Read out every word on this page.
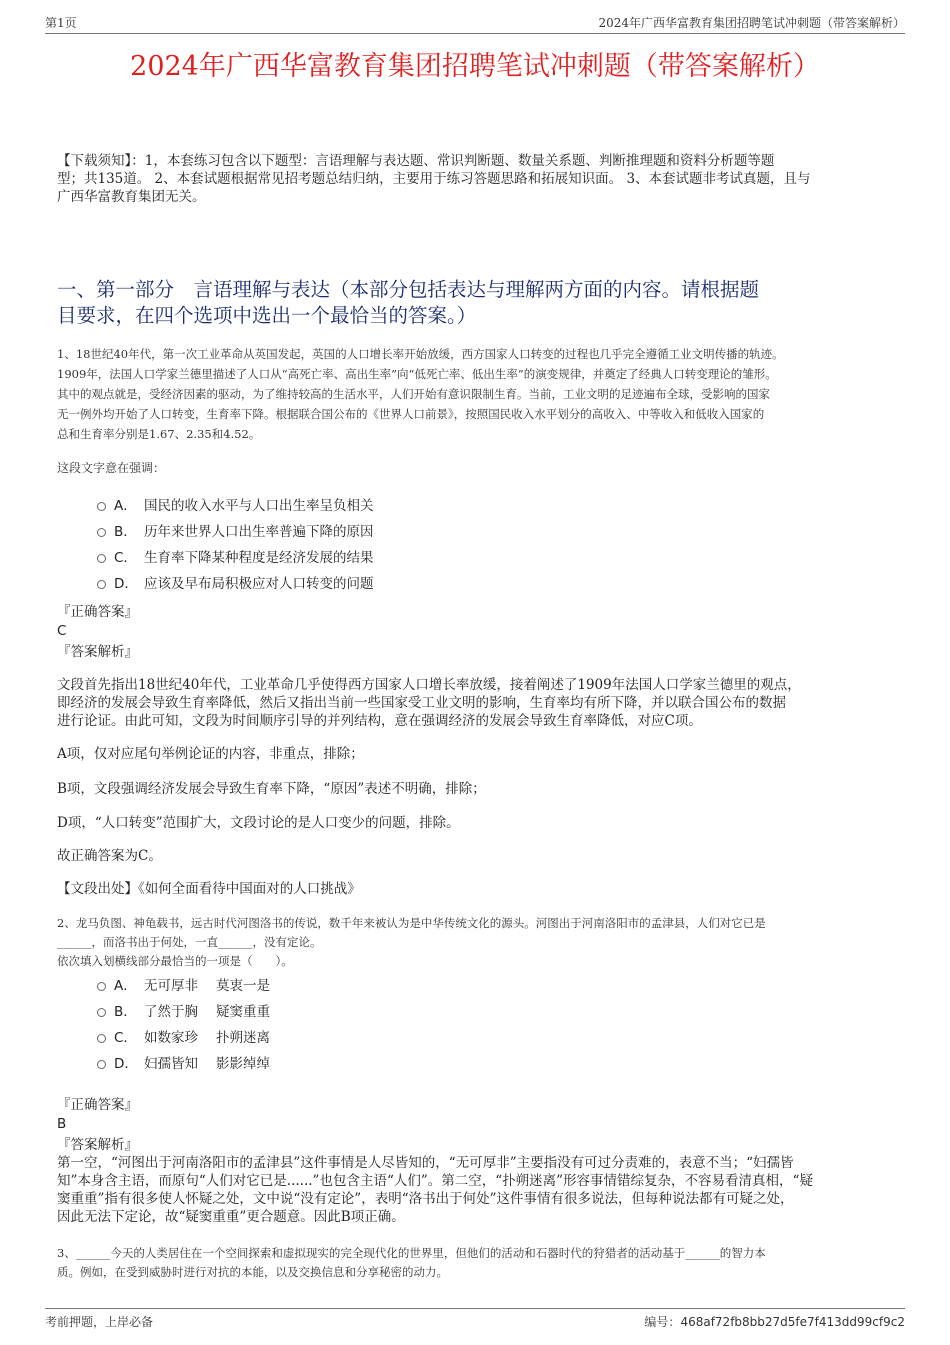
第1页	2024年广西华富教育集团招聘笔试冲刺题（带答案解析）
2024年广西华富教育集团招聘笔试冲刺题（带答案解析）
【下载须知】：1，本套练习包含以下题型：言语理解与表达题、常识判断题、数量关系题、判断推理题和资料分析题等题
型；共135道。 2、本套试题根据常见招考题总结归纳，主要用于练习答题思路和拓展知识面。 3、本套试题非考试真题，且与
广西华富教育集团无关。
一、第一部分　言语理解与表达（本部分包括表达与理解两方面的内容。请根据题
目要求，在四个选项中选出一个最恰当的答案。）
1、18世纪40年代，第一次工业革命从英国发起，英国的人口增长率开始放缓，西方国家人口转变的过程也几乎完全遵循工业文明传播的轨迹。
1909年，法国人口学家兰德里描述了人口从“高死亡率、高出生率”向“低死亡率、低出生率”的演变规律，并奠定了经典人口转变理论的雏形。
其中的观点就是，受经济因素的驱动，为了维持较高的生活水平，人们开始有意识限制生育。当前，工业文明的足迹遍布全球，受影响的国家
无一例外均开始了人口转变，生育率下降。根据联合国公布的《世界人口前景》，按照国民收入水平划分的高收入、中等收入和低收入国家的
总和生育率分别是1.67、2.35和4.52。
这段文字意在强调：
A． 国民的收入水平与人口出生率呈负相关
B． 历年来世界人口出生率普遍下降的原因
C． 生育率下降某种程度是经济发展的结果
D． 应该及早布局积极应对人口转变的问题
『正确答案』
C
『答案解析』
文段首先指出18世纪40年代，工业革命几乎使得西方国家人口增长率放缓，接着阐述了1909年法国人口学家兰德里的观点，
即经济的发展会导致生育率降低，然后又指出当前一些国家受工业文明的影响，生育率均有所下降，并以联合国公布的数据
进行论证。由此可知，文段为时间顺序引导的并列结构，意在强调经济的发展会导致生育率降低，对应C项。
A项，仅对应尾句举例论证的内容，非重点，排除；
B项，文段强调经济发展会导致生育率下降，“原因”表述不明确，排除；
D项，“人口转变”范围扩大，文段讨论的是人口变少的问题，排除。
故正确答案为C。
【文段出处】《如何全面看待中国面对的人口挑战》
2、龙马负图、神龟载书，远古时代河图洛书的传说，数千年来被认为是中华传统文化的源头。河图出于河南洛阳市的孟津县，人们对它已是
______，而洛书出于何处，一直______，没有定论。
依次填入划横线部分最恰当的一项是（　　）。
A． 无可厚非 莫衷一是
B． 了然于胸 疑窦重重
C． 如数家珍 扑朔迷离
D． 妇孺皆知 影影绰绰
『正确答案』
B
『答案解析』
第一空，“河图出于河南洛阳市的孟津县”这件事情是人尽皆知的，“无可厚非”主要指没有可过分责难的，表意不当；“妇孺皆
知”本身含主语，而原句“人们对它已是......”也包含主语“人们”。第二空，“扑朔迷离”形容事情错综复杂，不容易看清真相，“疑
窦重重”指有很多使人怀疑之处，文中说“没有定论”，表明“洛书出于何处”这件事情有很多说法，但每种说法都有可疑之处，
因此无法下定论，故“疑窦重重”更合题意。因此B项正确。
3、______今天的人类居住在一个空间探索和虚拟现实的完全现代化的世界里，但他们的活动和石器时代的狩猎者的活动基于______的智力本
质。例如，在受到威胁时进行对抗的本能，以及交换信息和分享秘密的动力。
考前押题，上岸必备	编号：468af72fb8bb27d5fe7f413dd99cf9c2
